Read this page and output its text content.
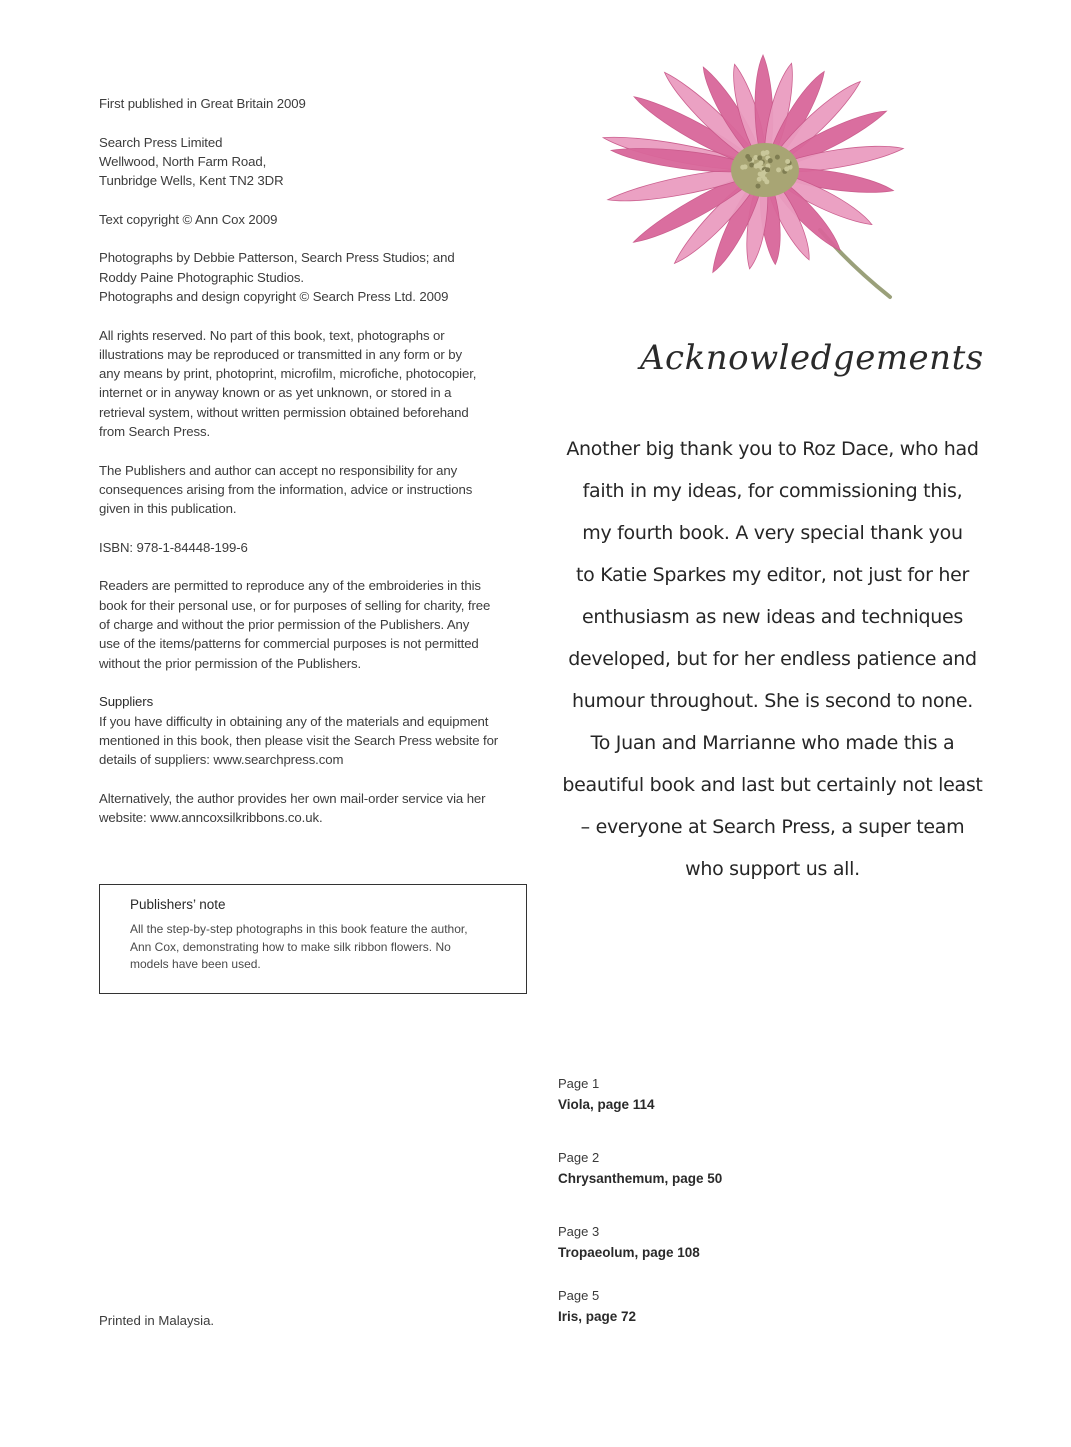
First published in Great Britain 2009

Search Press Limited
Wellwood, North Farm Road,
Tunbridge Wells, Kent TN2 3DR

Text copyright © Ann Cox 2009

Photographs by Debbie Patterson, Search Press Studios; and
Roddy Paine Photographic Studios.
Photographs and design copyright © Search Press Ltd. 2009

All rights reserved. No part of this book, text, photographs or
illustrations may be reproduced or transmitted in any form or by
any means by print, photoprint, microfilm, microfiche, photocopier,
internet or in anyway known or as yet unknown, or stored in a
retrieval system, without written permission obtained beforehand
from Search Press.

The Publishers and author can accept no responsibility for any
consequences arising from the information, advice or instructions
given in this publication.

ISBN: 978-1-84448-199-6

Readers are permitted to reproduce any of the embroideries in this
book for their personal use, or for purposes of selling for charity, free
of charge and without the prior permission of the Publishers. Any
use of the items/patterns for commercial purposes is not permitted
without the prior permission of the Publishers.

Suppliers

If you have difficulty in obtaining any of the materials and equipment
mentioned in this book, then please visit the Search Press website for
details of suppliers: www.searchpress.com

Alternatively, the author provides her own mail-order service via her
website: www.anncoxsilkribbons.co.uk.

Publishers’ note

All the step-by-step photographs in this book feature the author,
Ann Cox, demonstrating how to make silk ribbon flowers. No
models have been used.

Printed in Malaysia.
Acknowledgements
Another big thank you to Roz Dace, who had
faith in my ideas, for commissioning this,
my fourth book. A very special thank you
to Katie Sparkes my editor, not just for her
enthusiasm as new ideas and techniques
developed, but for her endless patience and
humour throughout. She is second to none.
To Juan and Marrianne who made this a
beautiful book and last but certainly not least
– everyone at Search Press, a super team
who support us all.
Page 1
Viola, page 114
Page 2
Chrysanthemum, page 50
Page 3
Tropaeolum, page 108
Page 5
Iris, page 72
